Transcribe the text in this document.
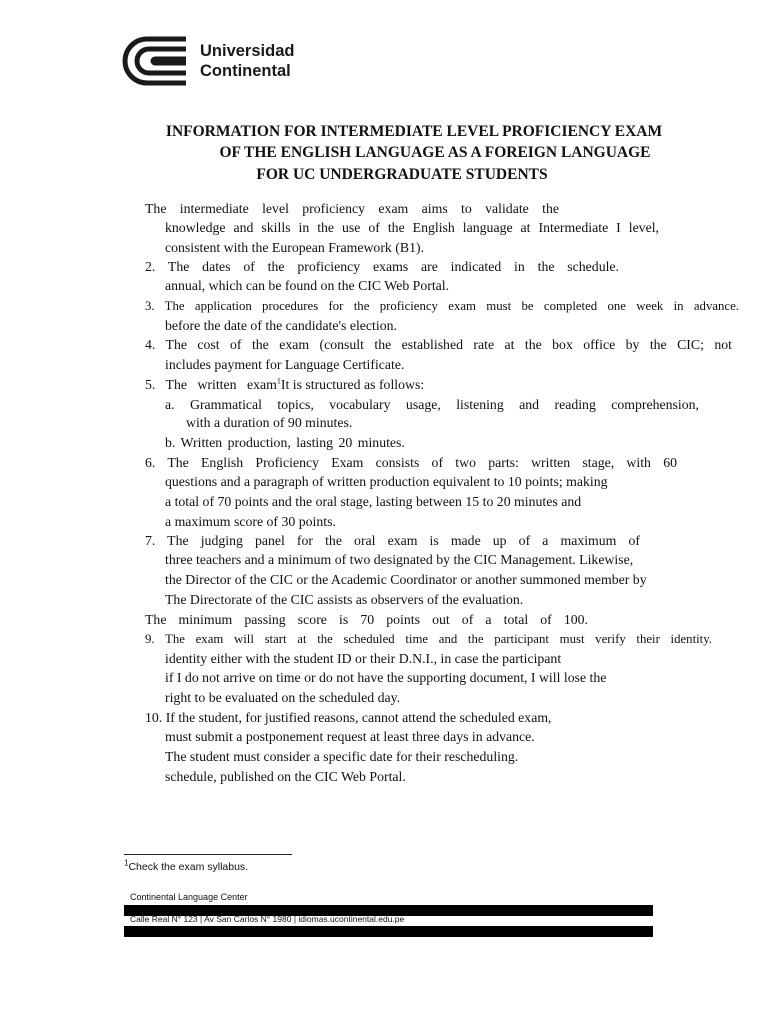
Universidad
Continental
INFORMATION FOR INTERMEDIATE LEVEL PROFICIENCY EXAM
OF THE ENGLISH LANGUAGE AS A FOREIGN LANGUAGE
FOR UC UNDERGRADUATE STUDENTS
The intermediate level proficiency exam aims to validate the
knowledge and skills in the use of the English language at Intermediate I level,
consistent with the European Framework (B1).
2. The dates of the proficiency exams are indicated in the schedule.
annual, which can be found on the CIC Web Portal.
3. The application procedures for the proficiency exam must be completed one week in advance.
before the date of the candidate's election.
4. The cost of the exam (consult the established rate at the box office by the CIC; not
includes payment for Language Certificate.
5. The written exam$^1$It is structured as follows:
a. Grammatical topics, vocabulary usage, listening and reading comprehension,
with a duration of 90 minutes.
b. Written production, lasting 20 minutes.
6. The English Proficiency Exam consists of two parts: written stage, with 60
questions and a paragraph of written production equivalent to 10 points; making
a total of 70 points and the oral stage, lasting between 15 to 20 minutes and
a maximum score of 30 points.
7. The judging panel for the oral exam is made up of a maximum of
three teachers and a minimum of two designated by the CIC Management. Likewise,
the Director of the CIC or the Academic Coordinator or another summoned member by
The Directorate of the CIC assists as observers of the evaluation.
The minimum passing score is 70 points out of a total of 100.
9. The exam will start at the scheduled time and the participant must verify their identity.
identity either with the student ID or their D.N.I., in case the participant
if I do not arrive on time or do not have the supporting document, I will lose the
right to be evaluated on the scheduled day.
10. If the student, for justified reasons, cannot attend the scheduled exam,
must submit a postponement request at least three days in advance.
The student must consider a specific date for their rescheduling.
schedule, published on the CIC Web Portal.
$^1$Check the exam syllabus.
Continental Language Center
Calle Real N° 123 | Av San Carlos N° 1980 | idiomas.ucontinental.edu.pe
